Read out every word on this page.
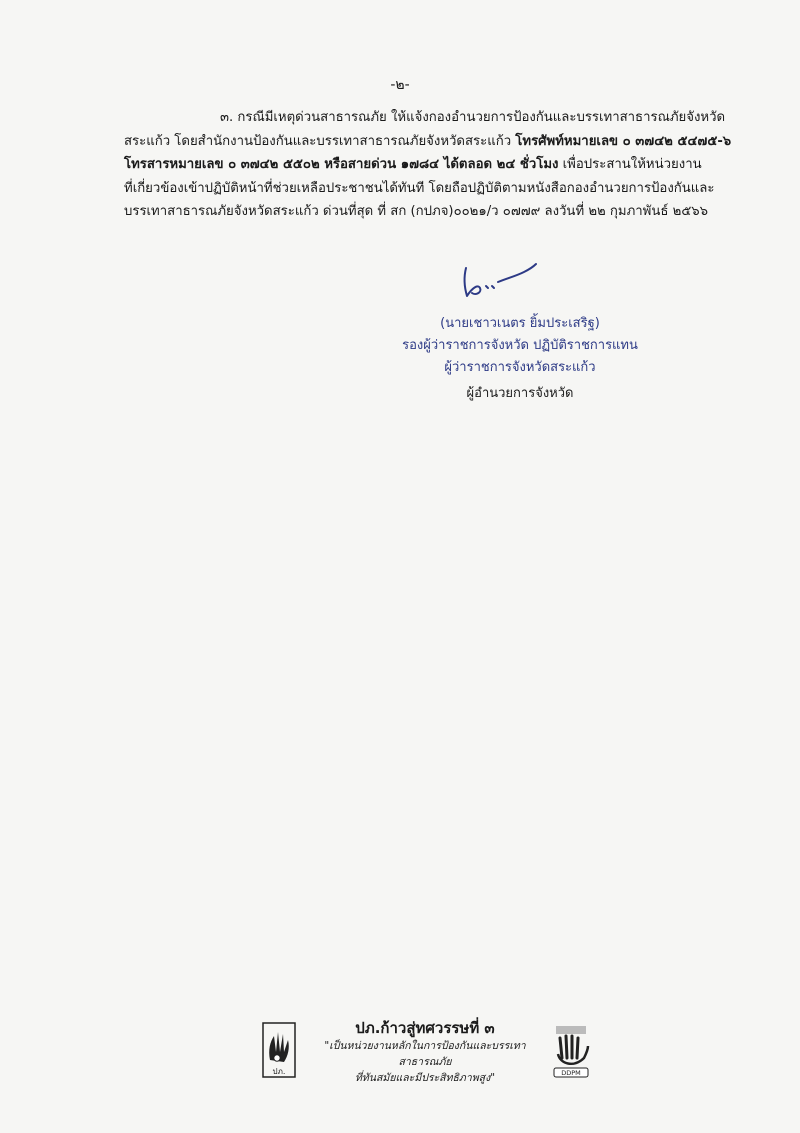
-๒-

๓. กรณีมีเหตุด่วนสาธารณภัย ให้แจ้งกองอำนวยการป้องกันและบรรเทาสาธารณภัยจังหวัด
สระแก้ว โดยสำนักงานป้องกันและบรรเทาสาธารณภัยจังหวัดสระแก้ว โทรศัพท์หมายเลข ๐ ๓๗๔๒ ๕๔๗๕-๖
โทรสารหมายเลข ๐ ๓๗๔๒ ๕๕๐๒ หรือสายด่วน ๑๗๘๔ ได้ตลอด ๒๔ ชั่วโมง เพื่อประสานให้หน่วยงาน
ที่เกี่ยวข้องเข้าปฏิบัติหน้าที่ช่วยเหลือประชาชนได้ทันที โดยถือปฏิบัติตามหนังสือกองอำนวยการป้องกันและ
บรรเทาสาธารณภัยจังหวัดสระแก้ว ด่วนที่สุด ที่ สก (กปภจ)๐๐๒๑/ว ๐๗๗๙ ลงวันที่ ๒๒ กุมภาพันธ์ ๒๕๖๖

(นายเชาวเนตร ยิ้มประเสริฐ)
รองผู้ว่าราชการจังหวัด ปฏิบัติราชการแทน
ผู้ว่าราชการจังหวัดสระแก้ว
ผู้อำนวยการจังหวัด
ปภ.
ปภ.ก้าวสู่ทศวรรษที่ ๓
"เป็นหน่วยงานหลักในการป้องกันและบรรเทาสาธารณภัย
ที่ทันสมัยและมีประสิทธิภาพสูง"	DDPM
